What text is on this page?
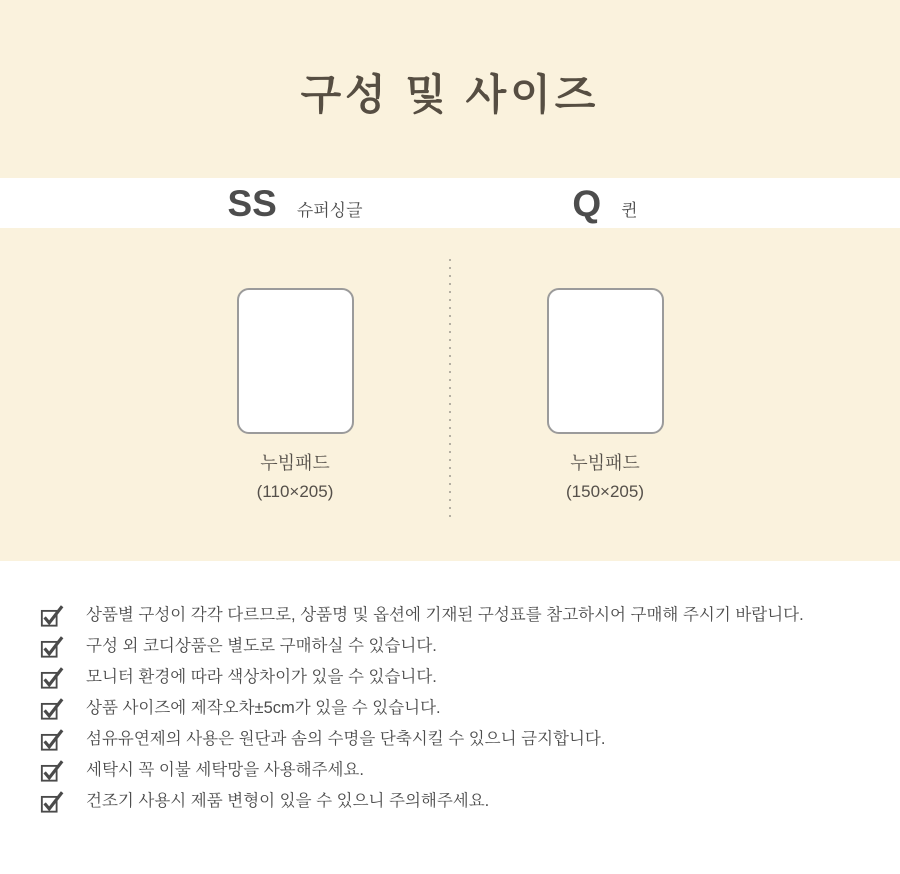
구성 및 사이즈
SS 슈퍼싱글	Q 퀸
누빔패드
(110×205)
누빔패드
(150×205)
상품별 구성이 각각 다르므로, 상품명 및 옵션에 기재된 구성표를 참고하시어 구매해 주시기 바랍니다.
구성 외 코디상품은 별도로 구매하실 수 있습니다.
모니터 환경에 따라 색상차이가 있을 수 있습니다.
상품 사이즈에 제작오차±5cm가 있을 수 있습니다.
섬유유연제의 사용은 원단과 솜의 수명을 단축시킬 수 있으니 금지합니다.
세탁시 꼭 이불 세탁망을 사용해주세요.
건조기 사용시 제품 변형이 있을 수 있으니 주의해주세요.
